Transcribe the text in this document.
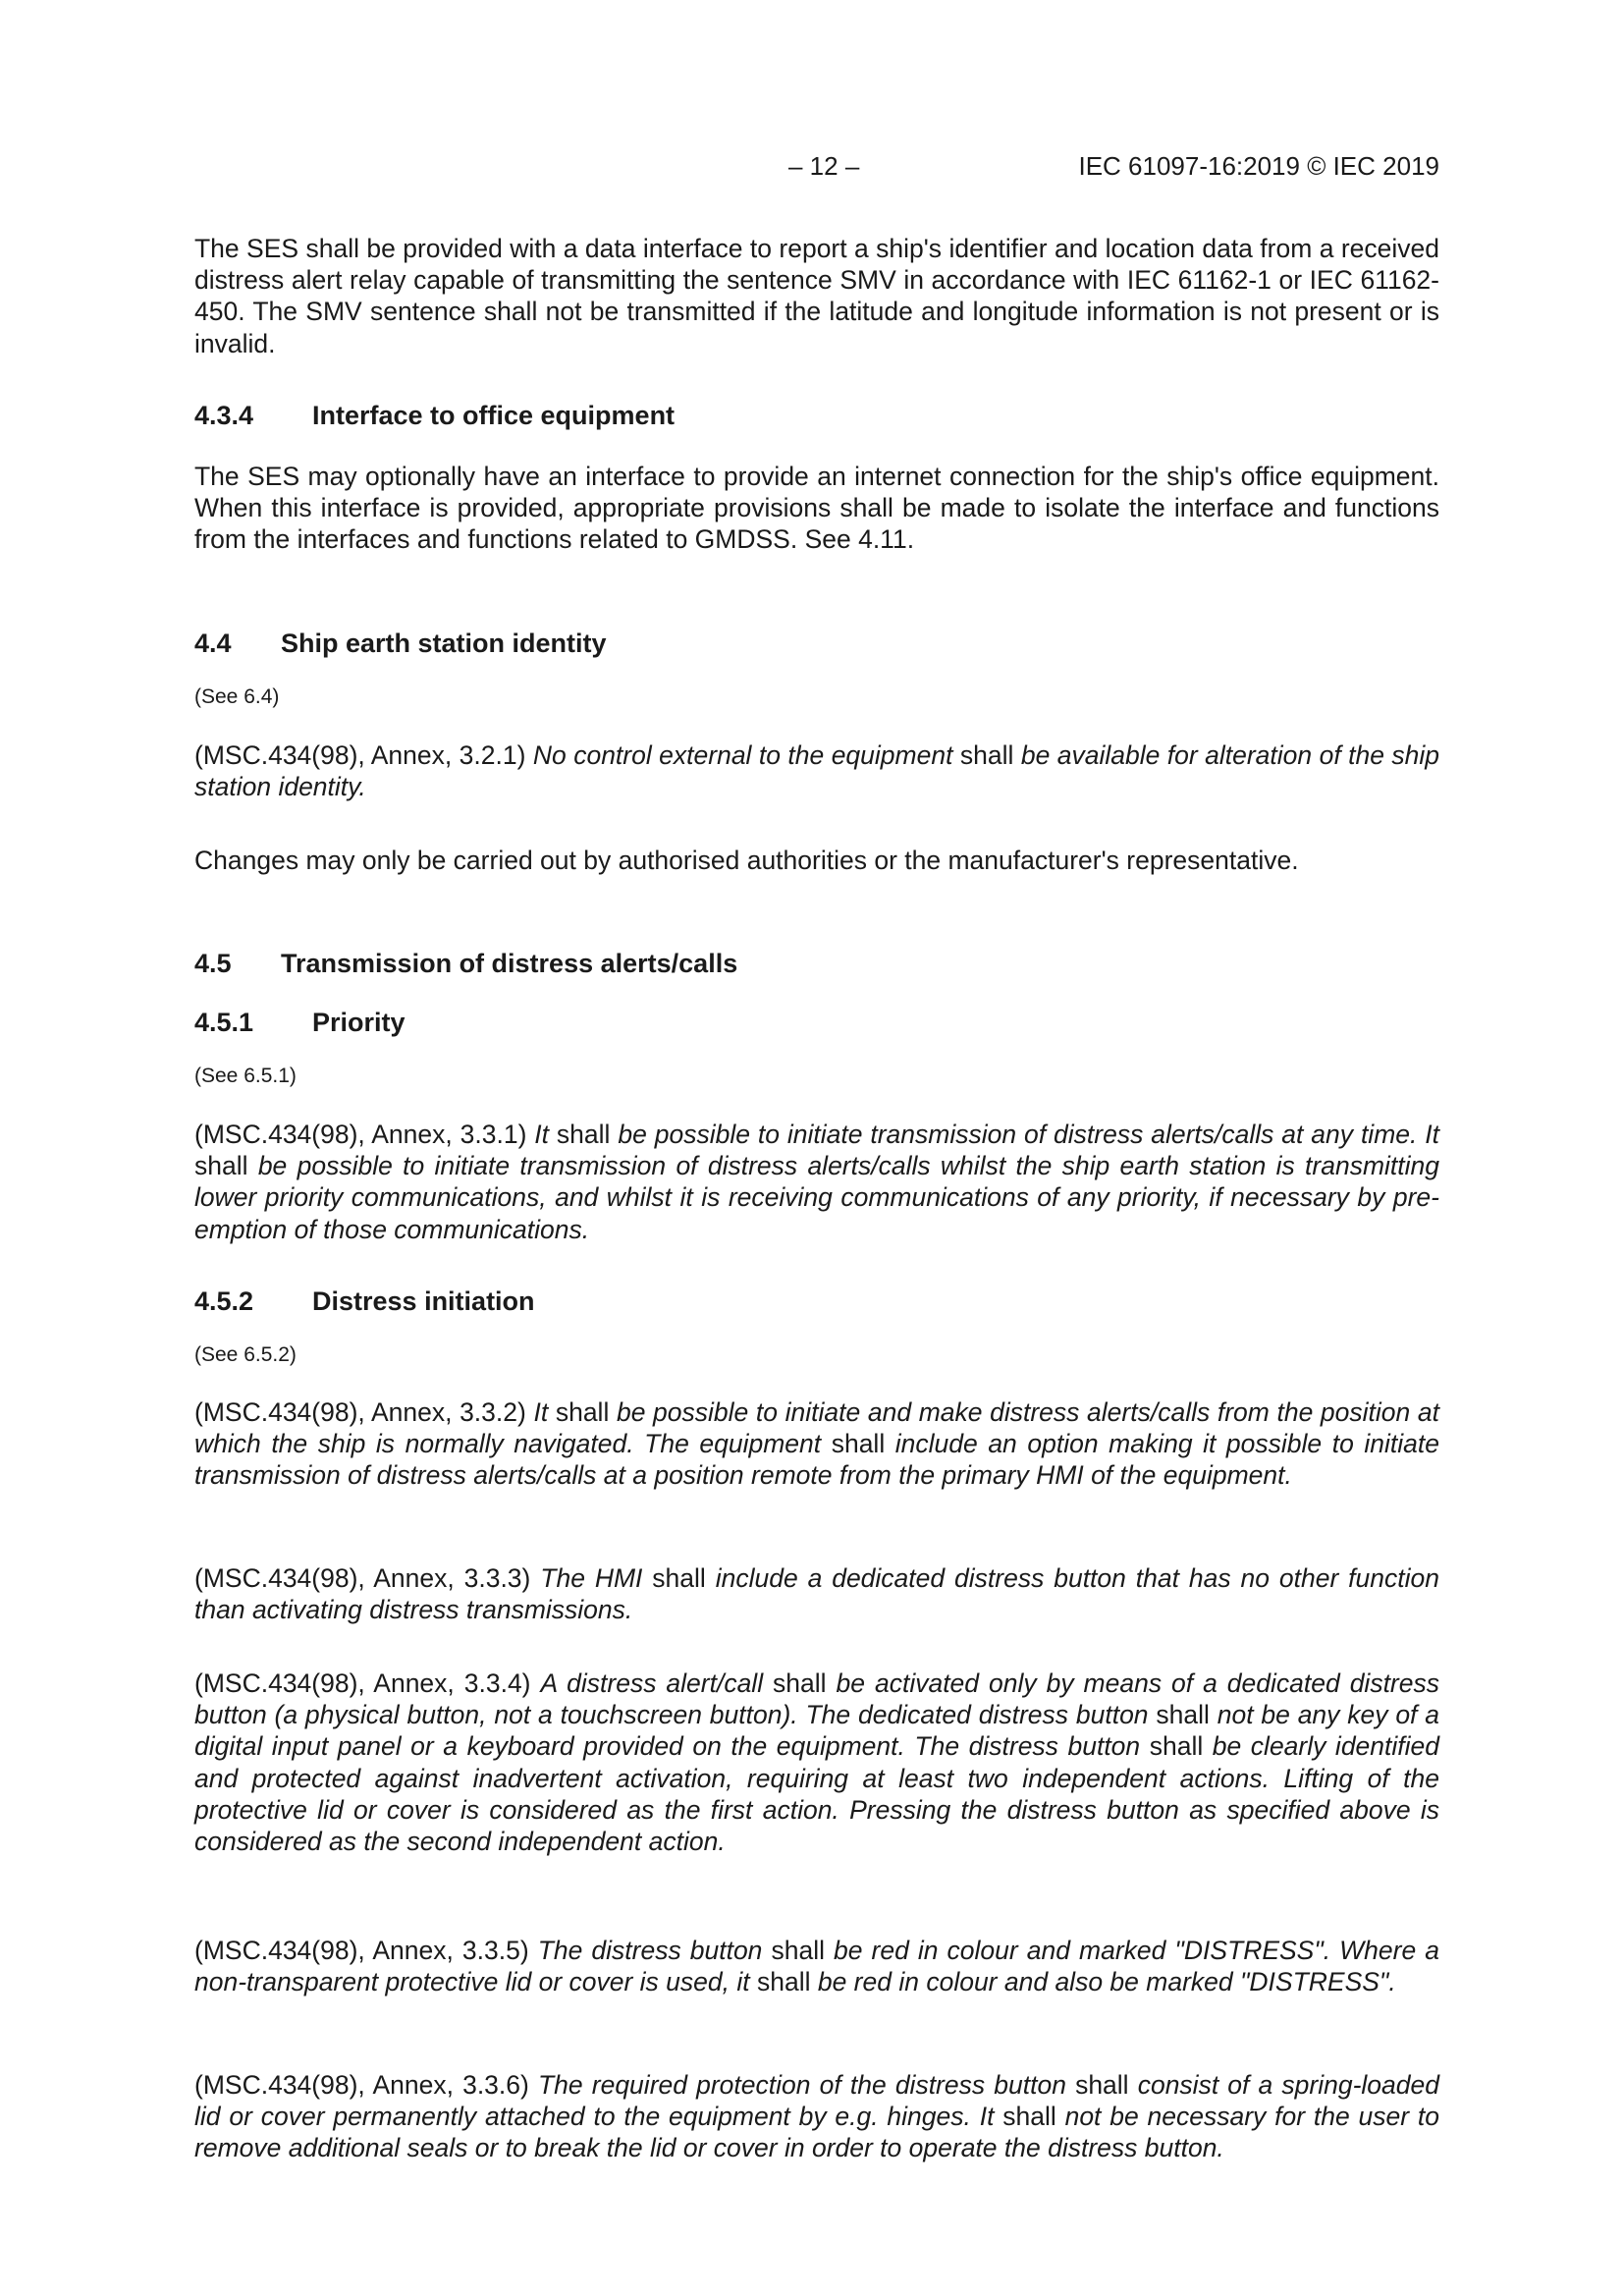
– 12 –	IEC 61097-16:2019 © IEC 2019

The SES shall be provided with a data interface to report a ship's identifier and location data from a received distress alert relay capable of transmitting the sentence SMV in accordance with IEC 61162-1 or IEC 61162-450. The SMV sentence shall not be transmitted if the latitude and longitude information is not present or is invalid.

4.3.4 Interface to office equipment

The SES may optionally have an interface to provide an internet connection for the ship's office equipment. When this interface is provided, appropriate provisions shall be made to isolate the interface and functions from the interfaces and functions related to GMDSS. See 4.11.

4.4 Ship earth station identity

(See 6.4)

(MSC.434(98), Annex, 3.2.1) No control external to the equipment shall be available for alteration of the ship station identity.

Changes may only be carried out by authorised authorities or the manufacturer's representative.

4.5 Transmission of distress alerts/calls
4.5.1 Priority

(See 6.5.1)

(MSC.434(98), Annex, 3.3.1) It shall be possible to initiate transmission of distress alerts/calls at any time. It shall be possible to initiate transmission of distress alerts/calls whilst the ship earth station is transmitting lower priority communications, and whilst it is receiving communications of any priority, if necessary by pre-emption of those communications.

4.5.2 Distress initiation

(See 6.5.2)

(MSC.434(98), Annex, 3.3.2) It shall be possible to initiate and make distress alerts/calls from the position at which the ship is normally navigated. The equipment shall include an option making it possible to initiate transmission of distress alerts/calls at a position remote from the primary HMI of the equipment.

(MSC.434(98), Annex, 3.3.3) The HMI shall include a dedicated distress button that has no other function than activating distress transmissions.

(MSC.434(98), Annex, 3.3.4) A distress alert/call shall be activated only by means of a dedicated distress button (a physical button, not a touchscreen button). The dedicated distress button shall not be any key of a digital input panel or a keyboard provided on the equipment. The distress button shall be clearly identified and protected against inadvertent activation, requiring at least two independent actions. Lifting of the protective lid or cover is considered as the first action. Pressing the distress button as specified above is considered as the second independent action.

(MSC.434(98), Annex, 3.3.5) The distress button shall be red in colour and marked "DISTRESS". Where a non-transparent protective lid or cover is used, it shall be red in colour and also be marked "DISTRESS".

(MSC.434(98), Annex, 3.3.6) The required protection of the distress button shall consist of a spring-loaded lid or cover permanently attached to the equipment by e.g. hinges. It shall not be necessary for the user to remove additional seals or to break the lid or cover in order to operate the distress button.
